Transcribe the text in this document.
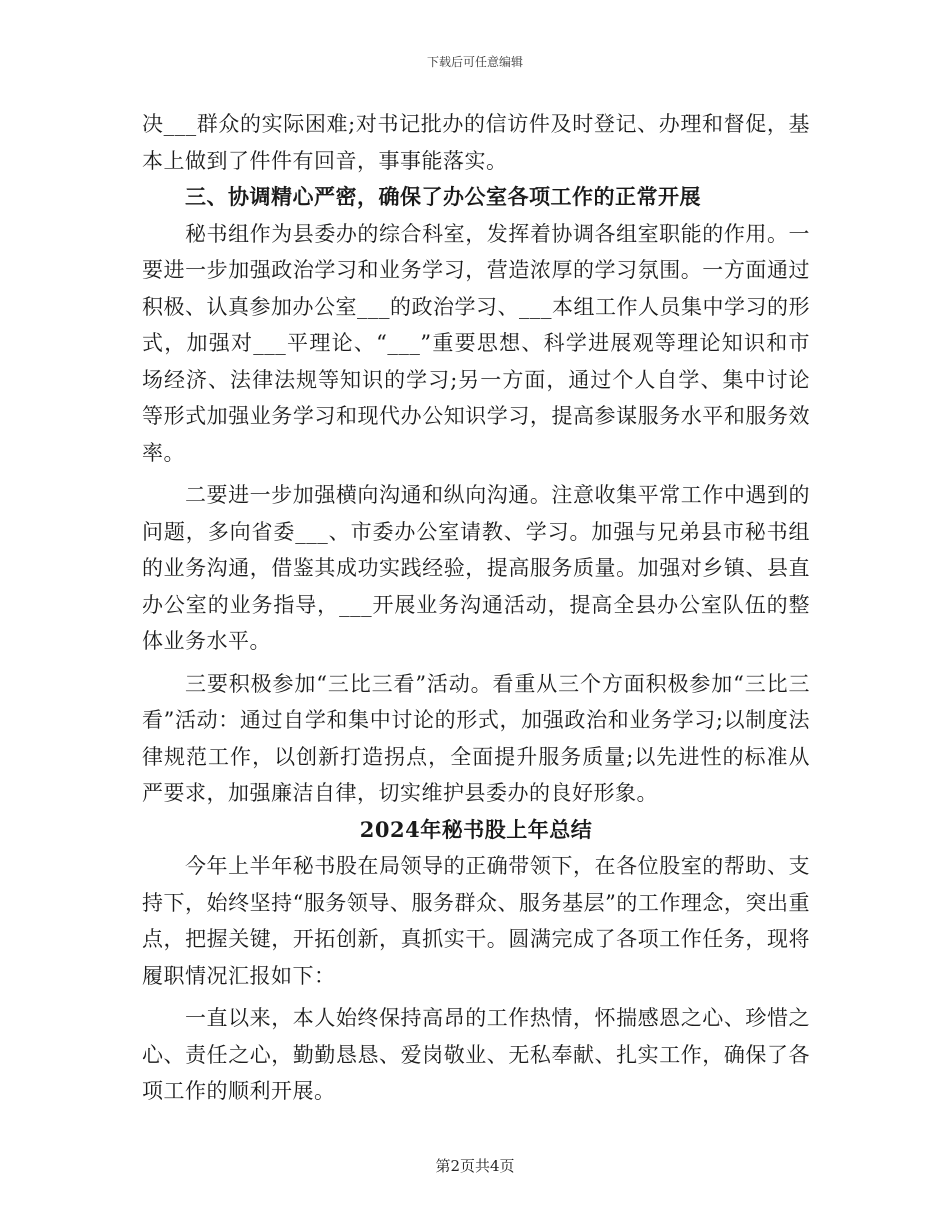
下载后可任意编辑

决___群众的实际困难;对书记批办的信访件及时登记、办理和督促，基本上做到了件件有回音，事事能落实。

三、协调精心严密，确保了办公室各项工作的正常开展

秘书组作为县委办的综合科室，发挥着协调各组室职能的作用。一要进一步加强政治学习和业务学习，营造浓厚的学习氛围。一方面通过积极、认真参加办公室___的政治学习、___本组工作人员集中学习的形式，加强对___平理论、“___”重要思想、科学进展观等理论知识和市场经济、法律法规等知识的学习;另一方面，通过个人自学、集中讨论等形式加强业务学习和现代办公知识学习，提高参谋服务水平和服务效率。

二要进一步加强横向沟通和纵向沟通。注意收集平常工作中遇到的问题，多向省委___、市委办公室请教、学习。加强与兄弟县市秘书组的业务沟通，借鉴其成功实践经验，提高服务质量。加强对乡镇、县直办公室的业务指导，___开展业务沟通活动，提高全县办公室队伍的整体业务水平。

三要积极参加“三比三看”活动。看重从三个方面积极参加“三比三看”活动：通过自学和集中讨论的形式，加强政治和业务学习;以制度法律规范工作，以创新打造拐点，全面提升服务质量;以先进性的标准从严要求，加强廉洁自律，切实维护县委办的良好形象。

2024年秘书股上年总结

今年上半年秘书股在局领导的正确带领下，在各位股室的帮助、支持下，始终坚持“服务领导、服务群众、服务基层”的工作理念，突出重点，把握关键，开拓创新，真抓实干。圆满完成了各项工作任务，现将履职情况汇报如下：

一直以来，本人始终保持高昂的工作热情，怀揣感恩之心、珍惜之心、责任之心，勤勤恳恳、爱岗敬业、无私奉献、扎实工作，确保了各项工作的顺利开展。

第2页共4页
